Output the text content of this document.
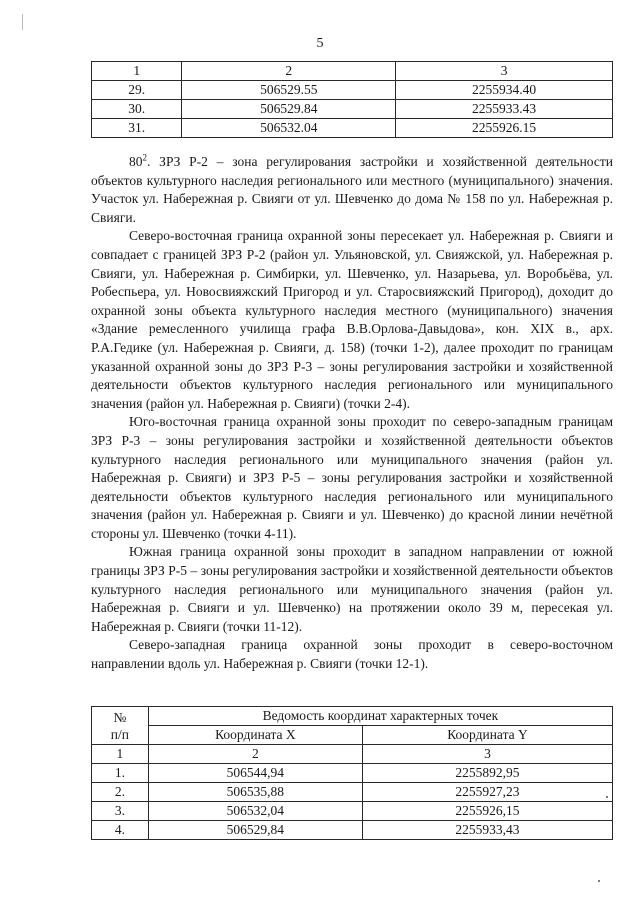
5
1	2	3
29.	506529.55	2255934.40
30.	506529.84	2255933.43
31.	506532.04	2255926.15

$80^2$. ЗРЗ Р-2 – зона регулирования застройки и хозяйственной деятельности объектов культурного наследия регионального или местного (муниципального) значения. Участок ул. Набережная р. Свияги от ул. Шевченко до дома № 158 по ул. Набережная р. Свияги.

Северо-восточная граница охранной зоны пересекает ул. Набережная р. Свияги и совпадает с границей ЗРЗ Р-2 (район ул. Ульяновской, ул. Свияжской, ул. Набережная р. Свияги, ул. Набережная р. Симбирки, ул. Шевченко, ул. Назарьева, ул. Воробьёва, ул. Робеспьера, ул. Новосвияжский Пригород и ул. Старосвияжский Пригород), доходит до охранной зоны объекта культурного наследия местного (муниципального) значения «Здание ремесленного училища графа В.В.Орлова-Давыдова», кон. XIX в., арх. Р.А.Гедике (ул. Набережная р. Свияги, д. 158) (точки 1-2), далее проходит по границам указанной охранной зоны до ЗРЗ Р-3 – зоны регулирования застройки и хозяйственной деятельности объектов культурного наследия регионального или муниципального значения (район ул. Набережная р. Свияги) (точки 2-4).

Юго-восточная граница охранной зоны проходит по северо-западным границам ЗРЗ Р-3 – зоны регулирования застройки и хозяйственной деятельности объектов культурного наследия регионального или муниципального значения (район ул. Набережная р. Свияги) и ЗРЗ Р-5 – зоны регулирования застройки и хозяйственной деятельности объектов культурного наследия регионального или муниципального значения (район ул. Набережная р. Свияги и ул. Шевченко) до красной линии нечётной стороны ул. Шевченко (точки 4-11).

Южная граница охранной зоны проходит в западном направлении от южной границы ЗРЗ Р-5 – зоны регулирования застройки и хозяйственной деятельности объектов культурного наследия регионального или муниципального значения (район ул. Набережная р. Свияги и ул. Шевченко) на протяжении около 39 м, пересекая ул. Набережная р. Свияги (точки 11-12).

Северо-западная граница охранной зоны проходит в северо-восточном направлении вдоль ул. Набережная р. Свияги (точки 12-1).

№
п/п	Ведомость координат характерных точек	
	Координата X	Координата Y
1	2	3
1.	506544,94	2255892,95
2.	506535,88	2255927,23
3.	506532,04	2255926,15
4.	506529,84	2255933,43
